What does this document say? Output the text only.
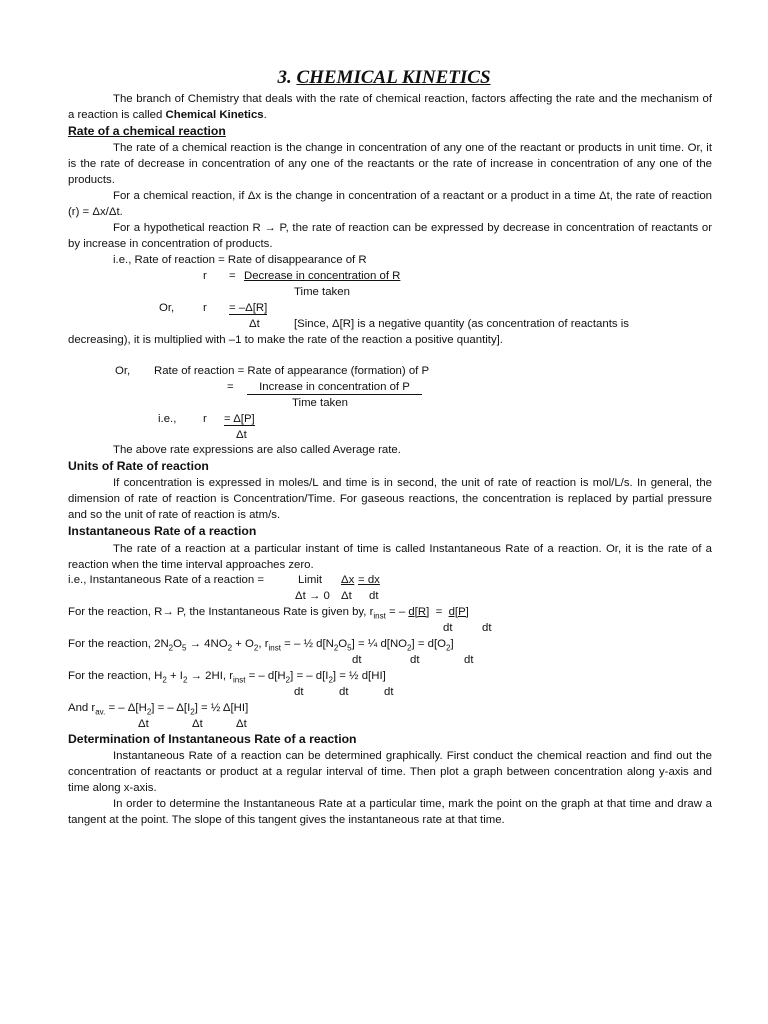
3. CHEMICAL KINETICS

The branch of Chemistry that deals with the rate of chemical reaction, factors affecting the rate and the mechanism of a reaction is called Chemical Kinetics.

Rate of a chemical reaction

The rate of a chemical reaction is the change in concentration of any one of the reactant or products in unit time. Or, it is the rate of decrease in concentration of any one of the reactants or the rate of increase in concentration of any one of the products.

For a chemical reaction, if Δx is the change in concentration of a reactant or a product in a time Δt, the rate of reaction (r) = Δx/Δt.

For a hypothetical reaction R → P, the rate of reaction can be expressed by decrease in concentration of reactants or by increase in concentration of products.

i.e., Rate of reaction = Rate of disappearance of R

r = Decrease in concentration of R

Time taken

Or,	r = –Δ[R]

Δt	[Since, Δ[R] is a negative quantity (as concentration of reactants is

decreasing), it is multiplied with –1 to make the rate of the reaction a positive quantity].

Or, Rate of reaction = Rate of appearance (formation) of P

=	Increase in concentration of P

Time taken

i.e., r = Δ[P]

Δt

The above rate expressions are also called Average rate.

Units of Rate of reaction

If concentration is expressed in moles/L and time is in second, the unit of rate of reaction is mol/L/s. In general, the dimension of rate of reaction is Concentration/Time. For gaseous reactions, the concentration is replaced by partial pressure and so the unit of rate of reaction is atm/s.

Instantaneous Rate of a reaction

The rate of a reaction at a particular instant of time is called Instantaneous Rate of a reaction. Or, it is the rate of a reaction when the time interval approaches zero.

i.e., Instantaneous Rate of a reaction =	Limit Δx = dx

Δt → 0 Δt dt

For the reaction, R→ P, the Instantaneous Rate is given by, $r_{inst}$ = – d[R] = d[P]

dt	dt

For the reaction, $2N_2O_5 \to 4NO_2 + O_2$, $r_{inst}$ = – ½ $d[N_2O_5]$ = ¼ $d[NO_2] = d[O_2]$

dt	dt	dt

For the reaction, $H_2 + I_2 \to 2HI$, $r_{inst}$ = – $d[H_2]$ = – $d[I_2]$ = ½ d[HI]

dt	dt	dt

And $r_{av.}$ = – $\Delta[H_2]$ = – $\Delta[I_2]$ = ½ Δ[HI]

Δt	Δt	Δt

Determination of Instantaneous Rate of a reaction

Instantaneous Rate of a reaction can be determined graphically. First conduct the chemical reaction and find out the concentration of reactants or product at a regular interval of time. Then plot a graph between concentration along y-axis and time along x-axis.

In order to determine the Instantaneous Rate at a particular time, mark the point on the graph at that time and draw a tangent at the point. The slope of this tangent gives the instantaneous rate at that time.
